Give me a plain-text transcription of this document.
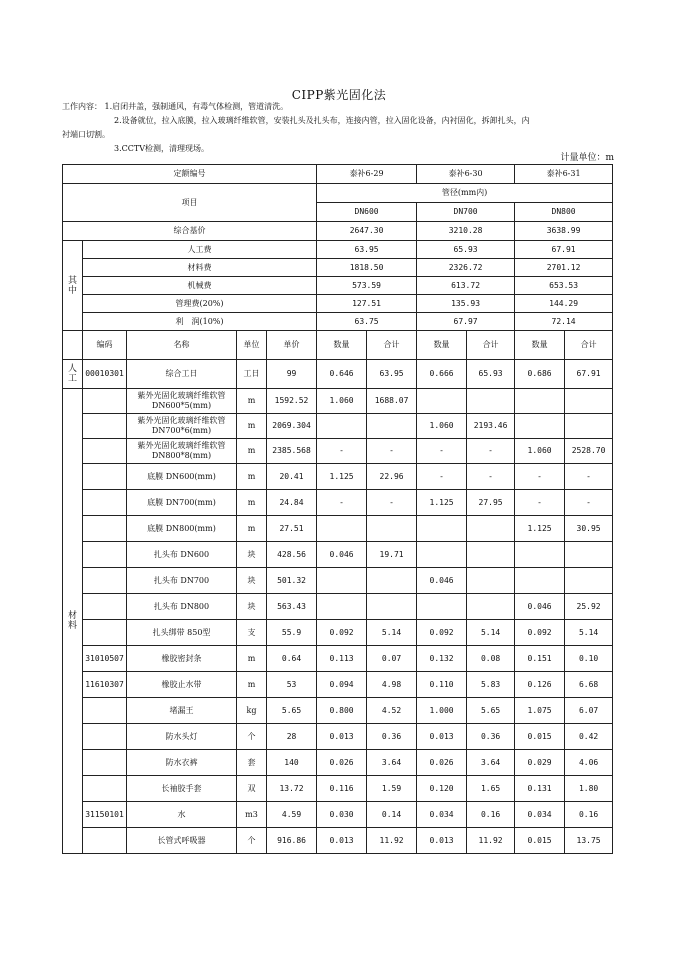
CIPP紫光固化法
工作内容： 1.启闭井盖，强制通风，有毒气体检测，管道清洗。
2.设备就位，拉入底膜，拉入玻璃纤维软管，安装扎头及扎头布，连接内管，拉入固化设备，内衬固化，拆卸扎头，内
衬端口切割。
3.CCTV检测，清理现场。
计量单位：m
定额编号					泰补6-29		泰补6-30		泰补6-31	
项目					管径(mm内)					
					DN600		DN700		DN800	
综合基价					2647.30		3210.28		3638.99	
其中	人工费				63.95		65.93		67.91	
	材料费				1818.50		2326.72		2701.12	
	机械费				573.59		613.72		653.53	
	管理费(20%)				127.51		135.93		144.29	
	利　润(10%)				63.75		67.97		72.14	
	编码	名称	单位	单价	数量	合计	数量	合计	数量	合计
人工	00010301	综合工日	工日	99	0.646	63.95	0.666	65.93	0.686	67.91
材料		紫外光固化玻璃纤维软管DN600*5(mm)	m	1592.52	1.060	1688.07				
		紫外光固化玻璃纤维软管DN700*6(mm)	m	2069.304			1.060	2193.46		
		紫外光固化玻璃纤维软管DN800*8(mm)	m	2385.568	-	-	-	-	1.060	2528.70
		底膜 DN600(mm)	m	20.41	1.125	22.96	-	-	-	-
		底膜 DN700(mm)	m	24.84	-	-	1.125	27.95	-	-
		底膜 DN800(mm)	m	27.51					1.125	30.95
		扎头布 DN600	块	428.56	0.046	19.71				
		扎头布 DN700	块	501.32			0.046			
		扎头布 DN800	块	563.43					0.046	25.92
		扎头绑带 850型	支	55.9	0.092	5.14	0.092	5.14	0.092	5.14
	31010507	橡胶密封条	m	0.64	0.113	0.07	0.132	0.08	0.151	0.10
	11610307	橡胶止水带	m	53	0.094	4.98	0.110	5.83	0.126	6.68
		堵漏王	kg	5.65	0.800	4.52	1.000	5.65	1.075	6.07
		防水头灯	个	28	0.013	0.36	0.013	0.36	0.015	0.42
		防水衣裤	套	140	0.026	3.64	0.026	3.64	0.029	4.06
		长袖胶手套	双	13.72	0.116	1.59	0.120	1.65	0.131	1.80
	31150101	水	m3	4.59	0.030	0.14	0.034	0.16	0.034	0.16
		长管式呼吸器	个	916.86	0.013	11.92	0.013	11.92	0.015	13.75
